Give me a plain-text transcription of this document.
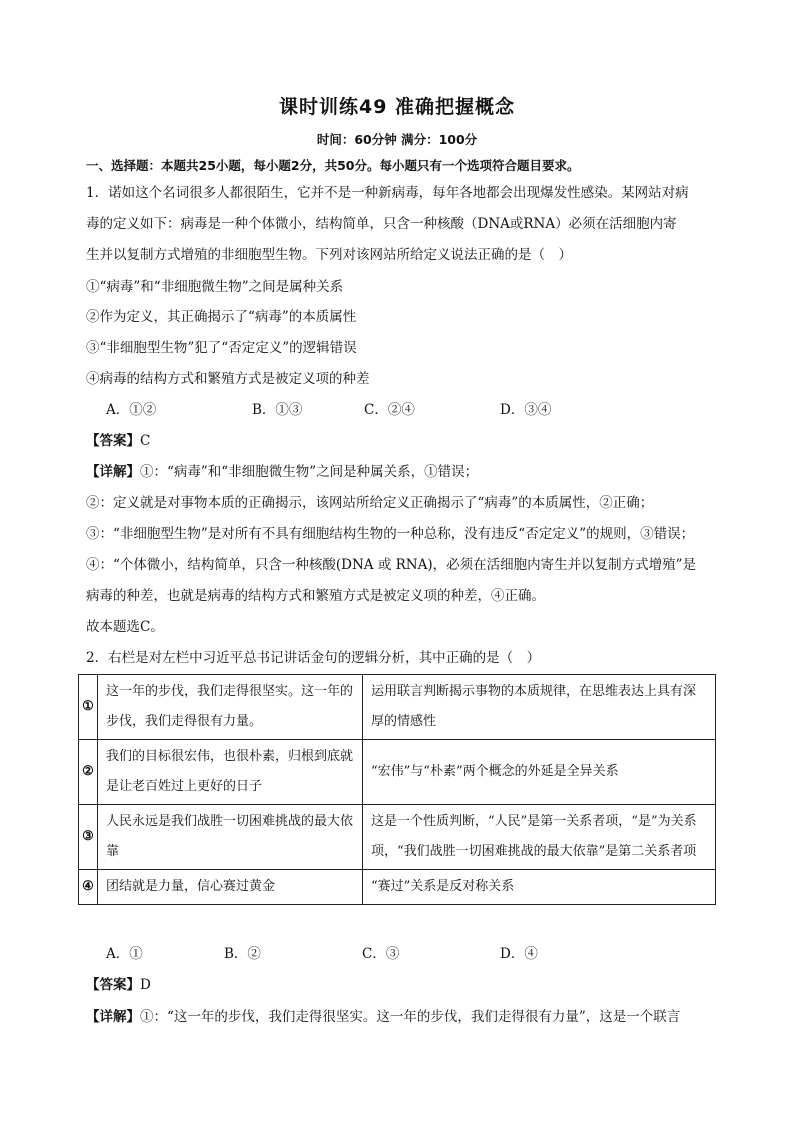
课时训练49 准确把握概念
时间：60分钟 满分：100分
一、选择题：本题共25小题，每小题2分，共50分。每小题只有一个选项符合题目要求。
1．诺如这个名词很多人都很陌生，它并不是一种新病毒，每年各地都会出现爆发性感染。某网站对病
毒的定义如下：病毒是一种个体微小，结构简单，只含一种核酸（DNA或RNA）必须在活细胞内寄
生并以复制方式增殖的非细胞型生物。下列对该网站所给定义说法正确的是（　）
①“病毒”和“非细胞微生物”之间是属种关系
②作为定义，其正确揭示了“病毒”的本质属性
③“非细胞型生物”犯了“否定定义”的逻辑错误
④病毒的结构方式和繁殖方式是被定义项的种差
A．①②	B．①③	C．②④	D．③④
【答案】C
【详解】①：“病毒”和“非细胞微生物”之间是种属关系，①错误；
②：定义就是对事物本质的正确揭示，该网站所给定义正确揭示了“病毒”的本质属性，②正确；
③：“非细胞型生物”是对所有不具有细胞结构生物的一种总称，没有违反“否定定义”的规则，③错误；
④：“个体微小，结构简单，只含一种核酸(DNA 或 RNA)，必须在活细胞内寄生并以复制方式增殖”是
病毒的种差，也就是病毒的结构方式和繁殖方式是被定义项的种差，④正确。
故本题选C。
2．右栏是对左栏中习近平总书记讲话金句的逻辑分析，其中正确的是（　）
①	这一年的步伐，我们走得很坚实。这一年的步伐，我们走得很有力量。	运用联言判断揭示事物的本质规律，在思维表达上具有深厚的情感性
②	我们的目标很宏伟，也很朴素，归根到底就是让老百姓过上更好的日子	“宏伟”与“朴素”两个概念的外延是全异关系
③	人民永远是我们战胜一切困难挑战的最大依靠	这是一个性质判断，“人民”是第一关系者项，“是”为关系项，“我们战胜一切困难挑战的最大依靠”是第二关系者项
④	团结就是力量，信心赛过黄金	“赛过”关系是反对称关系
A．①	B．②	C．③	D．④
【答案】D
【详解】①：“这一年的步伐，我们走得很坚实。这一年的步伐，我们走得很有力量”，这是一个联言
